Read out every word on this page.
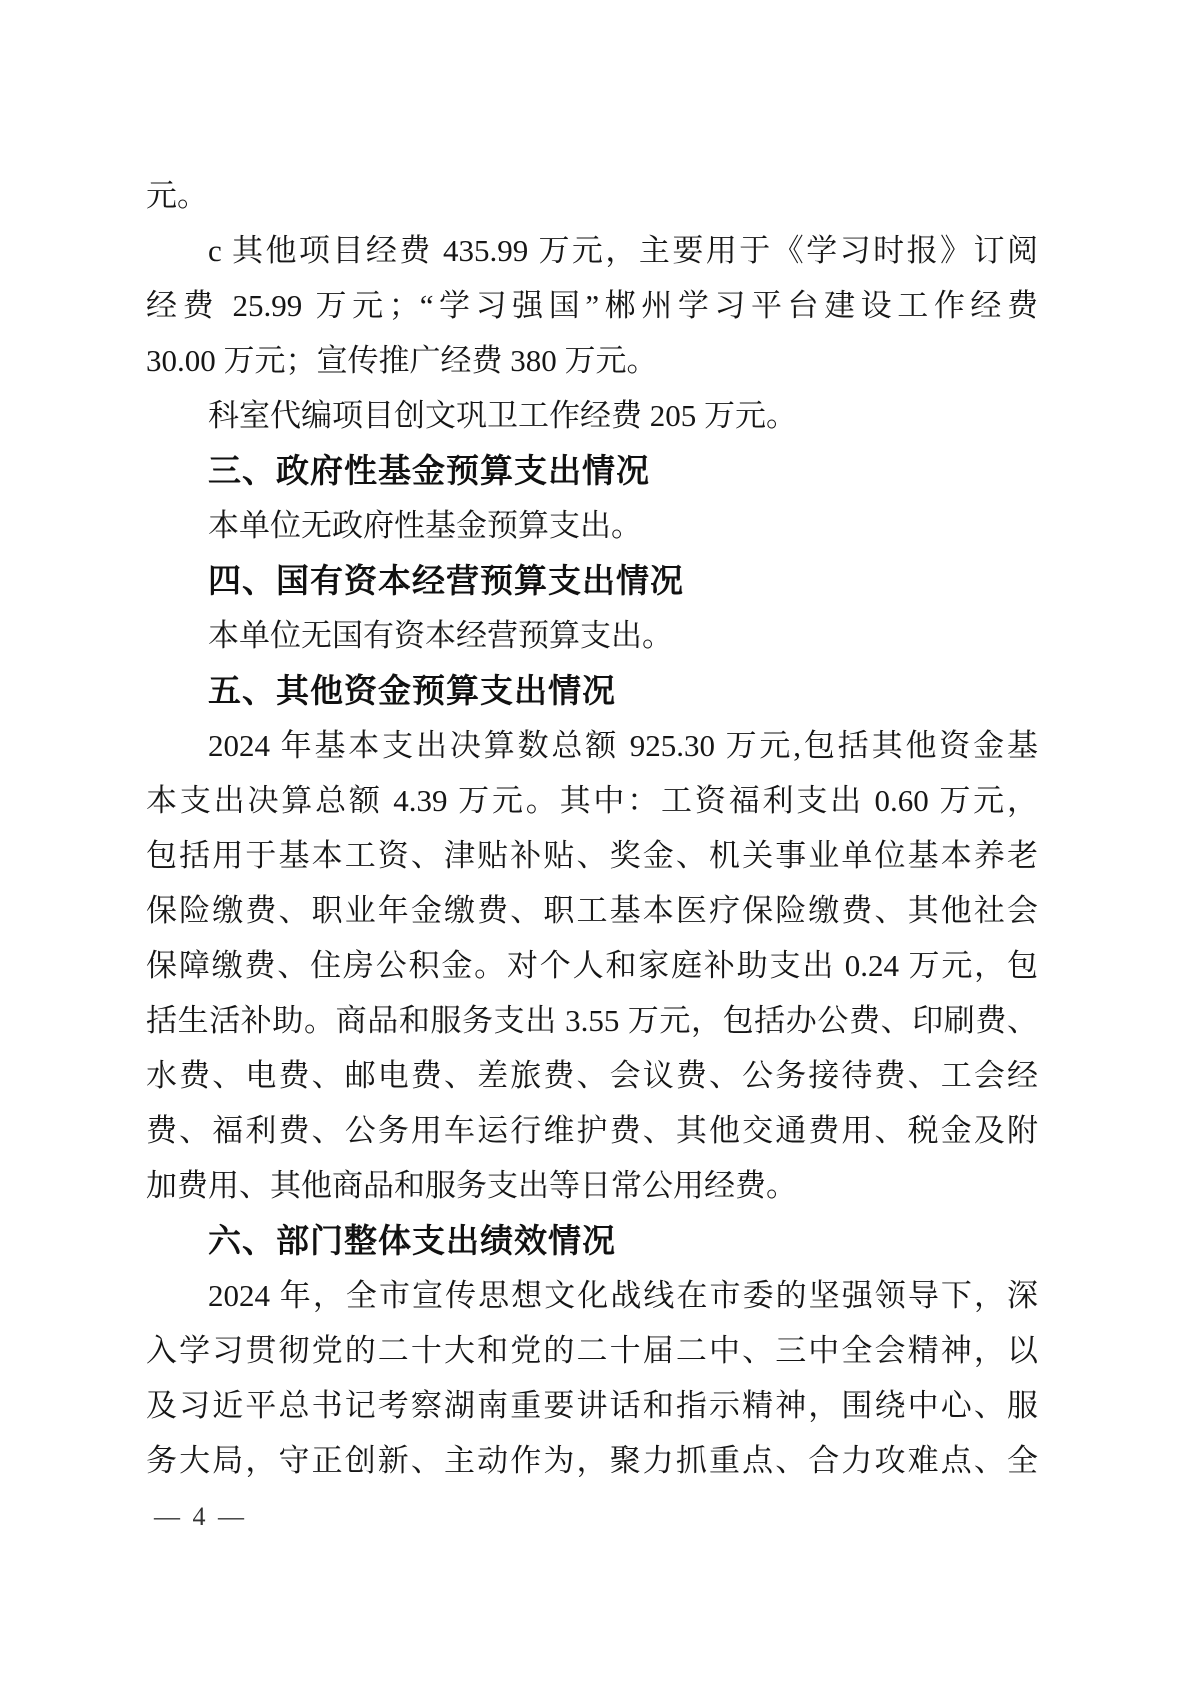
元。
c 其他项目经费 435.99 万元，主要用于《学习时报》订阅
经费 25.99 万元；“学习强国”郴州学习平台建设工作经费
30.00 万元；宣传推广经费 380 万元。
科室代编项目创文巩卫工作经费 205 万元。
三、政府性基金预算支出情况
本单位无政府性基金预算支出。
四、国有资本经营预算支出情况
本单位无国有资本经营预算支出。
五、其他资金预算支出情况
2024 年基本支出决算数总额 925.30 万元,包括其他资金基
本支出决算总额 4.39 万元。其中：工资福利支出 0.60 万元，
包括用于基本工资、津贴补贴、奖金、机关事业单位基本养老
保险缴费、职业年金缴费、职工基本医疗保险缴费、其他社会
保障缴费、住房公积金。对个人和家庭补助支出 0.24 万元，包
括生活补助。商品和服务支出 3.55 万元，包括办公费、印刷费、
水费、电费、邮电费、差旅费、会议费、公务接待费、工会经
费、福利费、公务用车运行维护费、其他交通费用、税金及附
加费用、其他商品和服务支出等日常公用经费。
六、部门整体支出绩效情况
2024 年，全市宣传思想文化战线在市委的坚强领导下，深
入学习贯彻党的二十大和党的二十届二中、三中全会精神，以
及习近平总书记考察湖南重要讲话和指示精神，围绕中心、服
务大局，守正创新、主动作为，聚力抓重点、合力攻难点、全
— 4 —
